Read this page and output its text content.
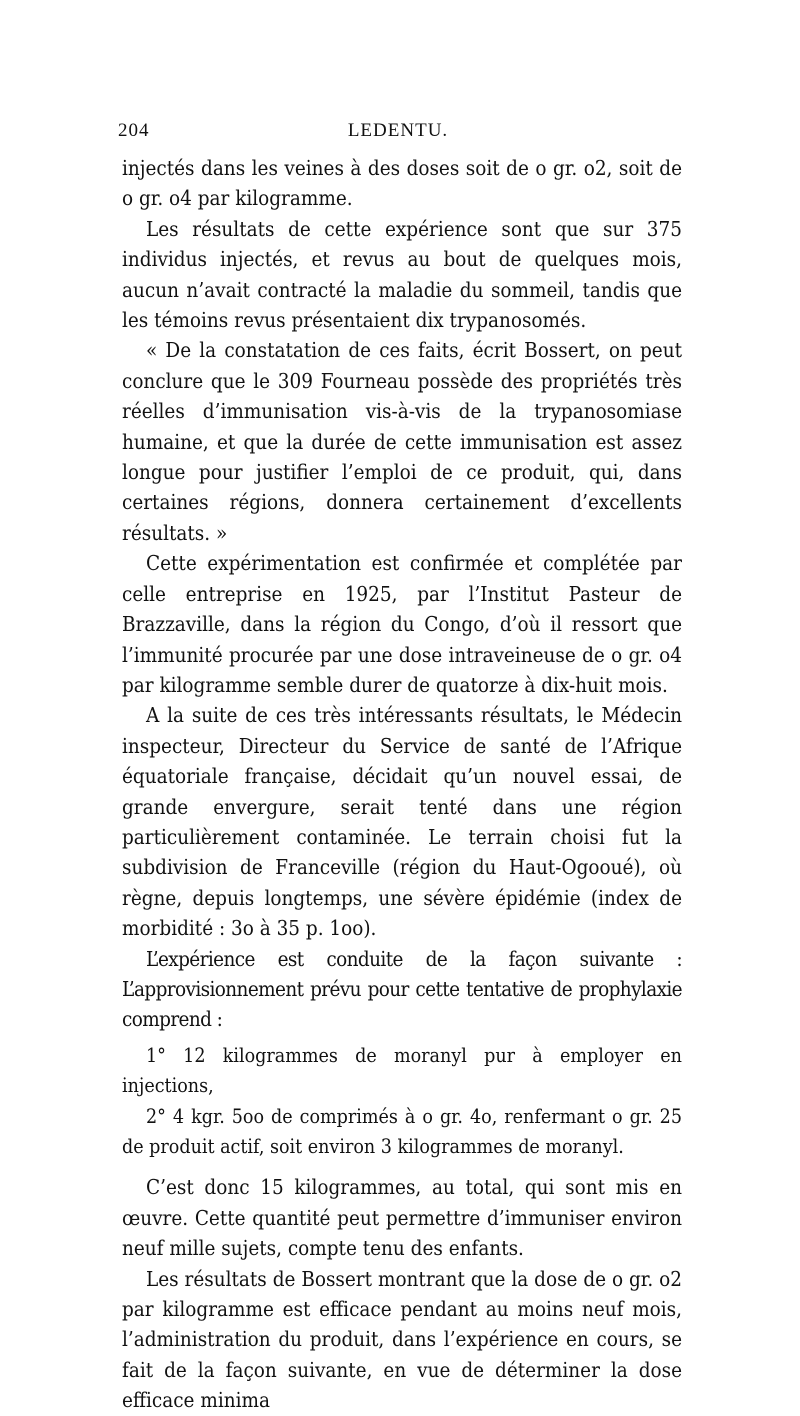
204	LEDENTU.

injectés dans les veines à des doses soit de o gr. o2, soit de o gr. o4 par kilogramme.

Les résultats de cette expérience sont que sur 375 individus injectés, et revus au bout de quelques mois, aucun n’avait contracté la maladie du sommeil, tandis que les témoins revus présentaient dix trypanosomés.

« De la constatation de ces faits, écrit Bossert, on peut conclure que le 309 Fourneau possède des propriétés très réelles d’immunisation vis-à-vis de la trypanosomiase humaine, et que la durée de cette immunisation est assez longue pour justifier l’emploi de ce produit, qui, dans certaines régions, donnera certainement d’excellents résultats. »

Cette expérimentation est confirmée et complétée par celle entreprise en 1925, par l’Institut Pasteur de Brazzaville, dans la région du Congo, d’où il ressort que l’immunité procurée par une dose intraveineuse de o gr. o4 par kilogramme semble durer de quatorze à dix-huit mois.

A la suite de ces très intéressants résultats, le Médecin inspecteur, Directeur du Service de santé de l’Afrique équatoriale française, décidait qu’un nouvel essai, de grande envergure, serait tenté dans une région particulièrement contaminée. Le terrain choisi fut la subdivision de Franceville (région du Haut-Ogooué), où règne, depuis longtemps, une sévère épidémie (index de morbidité : 3o à 35 p. 1oo).

L’expérience est conduite de la façon suivante : L’approvisionnement prévu pour cette tentative de prophylaxie comprend :

1° 12 kilogrammes de moranyl pur à employer en injections,

2° 4 kgr. 5oo de comprimés à o gr. 4o, renfermant o gr. 25 de produit actif, soit environ 3 kilogrammes de moranyl.

C’est donc 15 kilogrammes, au total, qui sont mis en œuvre. Cette quantité peut permettre d’immuniser environ neuf mille sujets, compte tenu des enfants.

Les résultats de Bossert montrant que la dose de o gr. o2 par kilogramme est efficace pendant au moins neuf mois, l’administration du produit, dans l’expérience en cours, se fait de la façon suivante, en vue de déterminer la dose efficace minima
